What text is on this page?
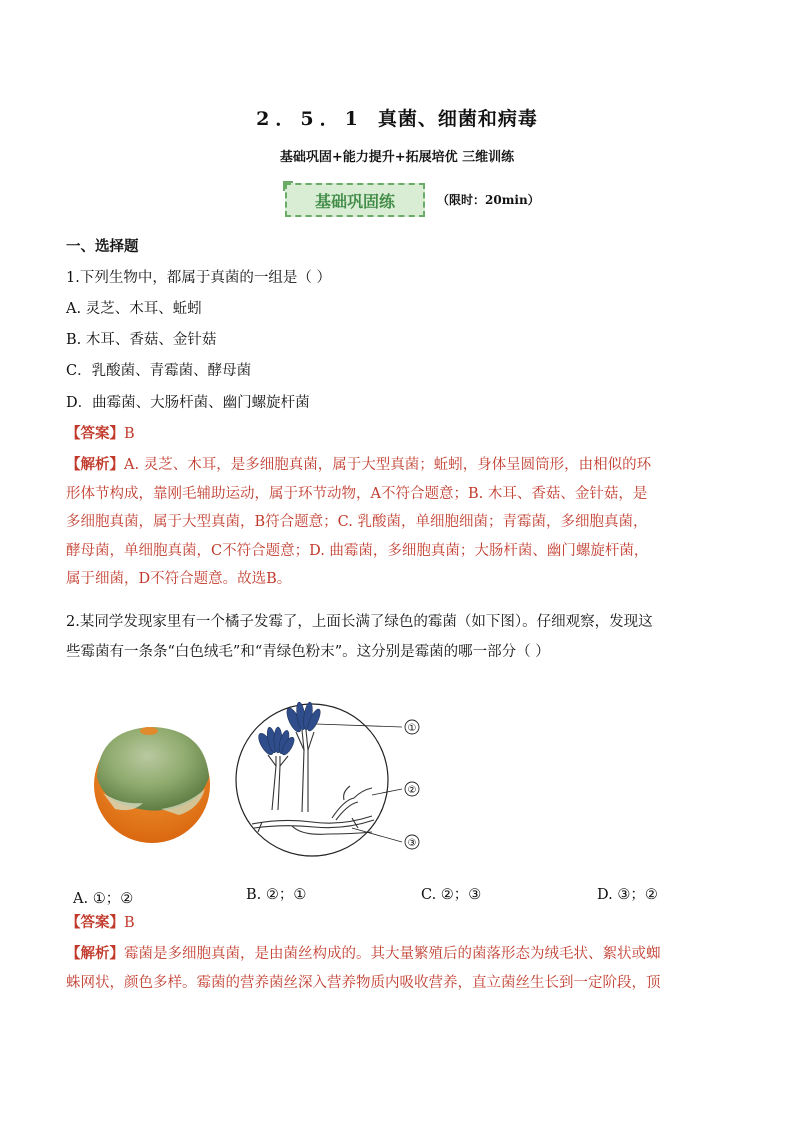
2．5．1 真菌、细菌和病毒
基础巩固+能力提升+拓展培优 三维训练
基础巩固练	（限时：20min）
一、选择题
1.下列生物中，都属于真菌的一组是（ ）
A. 灵芝、木耳、蚯蚓
B. 木耳、香菇、金针菇
C．乳酸菌、青霉菌、酵母菌
D．曲霉菌、大肠杆菌、幽门螺旋杆菌
【答案】B
【解析】A. 灵芝、木耳，是多细胞真菌，属于大型真菌；蚯蚓，身体呈圆筒形，由相似的环
形体节构成，靠刚毛辅助运动，属于环节动物，A不符合题意；B. 木耳、香菇、金针菇，是
多细胞真菌，属于大型真菌，B符合题意；C. 乳酸菌，单细胞细菌；青霉菌，多细胞真菌，
酵母菌，单细胞真菌，C不符合题意；D. 曲霉菌，多细胞真菌；大肠杆菌、幽门螺旋杆菌，
属于细菌，D不符合题意。故选B。
2.某同学发现家里有一个橘子发霉了，上面长满了绿色的霉菌（如下图）。仔细观察，发现这
些霉菌有一条条“白色绒毛”和“青绿色粉末”。这分别是霉菌的哪一部分（ ）
①
②
③
A. ①；②	B. ②；①	C. ②；③	D. ③；②
【答案】B
【解析】霉菌是多细胞真菌，是由菌丝构成的。其大量繁殖后的菌落形态为绒毛状、絮状或蜘
蛛网状，颜色多样。霉菌的营养菌丝深入营养物质内吸收营养，直立菌丝生长到一定阶段，顶
